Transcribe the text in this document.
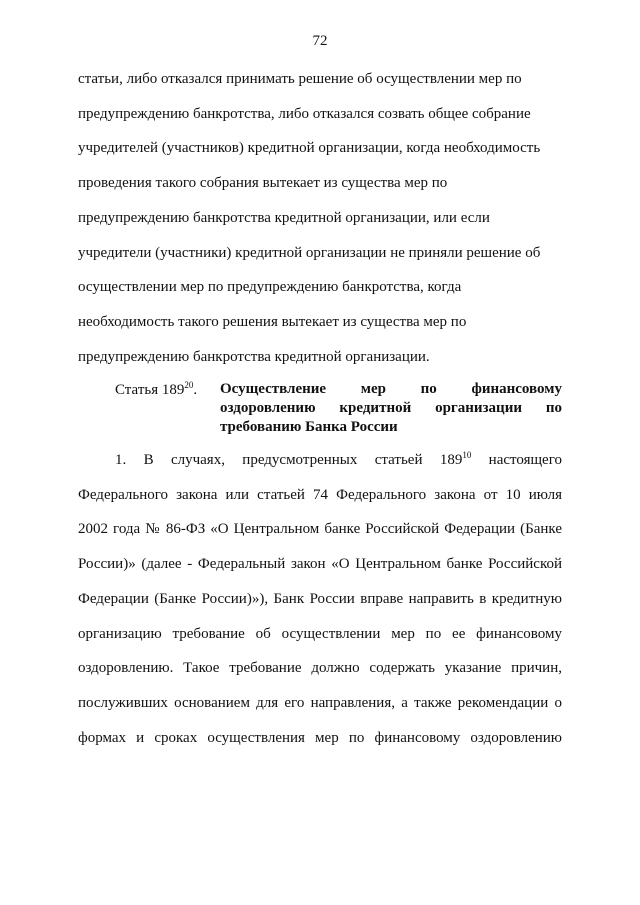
72
статьи, либо отказался принимать решение об осуществлении мер по
предупреждению банкротства, либо отказался созвать общее собрание
учредителей (участников) кредитной организации, когда необходимость
проведения такого собрания вытекает из существа мер по
предупреждению банкротства кредитной организации, или если
учредители (участники) кредитной организации не приняли решение об
осуществлении мер по предупреждению банкротства, когда
необходимость такого решения вытекает из существа мер по
предупреждению банкротства кредитной организации.
Статья $189^{20}$. Осуществление мер по финансовому
оздоровлению кредитной организации по
требованию Банка России
1. В случаях, предусмотренных статьей 189$^{10}$ настоящего
Федерального закона или статьей 74 Федерального закона от 10 июля
2002 года № 86-ФЗ «О Центральном банке Российской Федерации (Банке
России)» (далее - Федеральный закон «О Центральном банке Российской
Федерации (Банке России)»), Банк России вправе направить в кредитную
организацию требование об осуществлении мер по ее финансовому
оздоровлению. Такое требование должно содержать указание причин,
послуживших основанием для его направления, а также рекомендации о
формах и сроках осуществления мер по финансовому оздоровлению
